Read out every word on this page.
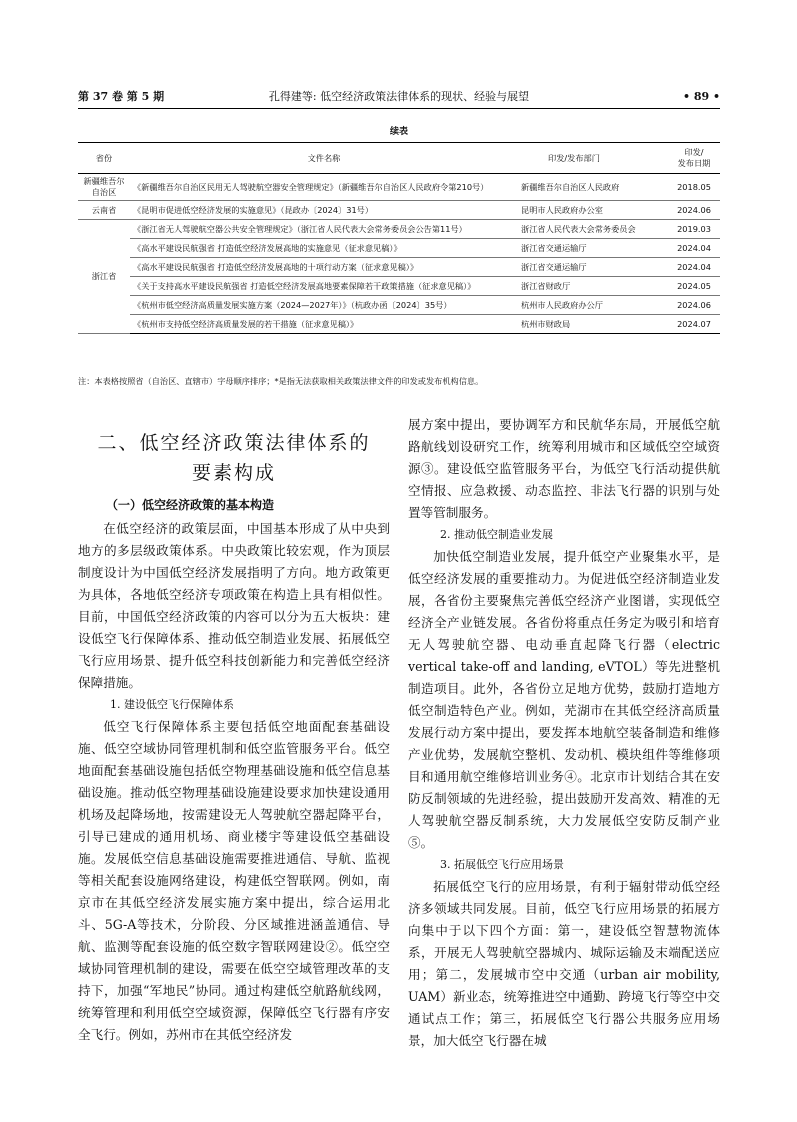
第 37 卷 第 5 期	孔得建等: 低空经济政策法律体系的现状、经验与展望	• 89 •
续表
省份	文件名称	印发/发布部门	印发/
发布日期
新疆维吾尔
自治区	《新疆维吾尔自治区民用无人驾驶航空器安全管理规定》（新疆维吾尔自治区人民政府令第210号）	新疆维吾尔自治区人民政府	2018.05
云南省	《昆明市促进低空经济发展的实施意见》（昆政办〔2024〕31号）	昆明市人民政府办公室	2024.06
浙江省	《浙江省无人驾驶航空器公共安全管理规定》（浙江省人民代表大会常务委员会公告第11号）	浙江省人民代表大会常务委员会	2019.03
	《高水平建设民航强省 打造低空经济发展高地的实施意见（征求意见稿）》	浙江省交通运输厅	2024.04
	《高水平建设民航强省 打造低空经济发展高地的十项行动方案（征求意见稿）》	浙江省交通运输厅	2024.04
	《关于支持高水平建设民航强省 打造低空经济发展高地要素保障若干政策措施（征求意见稿）》	浙江省财政厅	2024.05
	《杭州市低空经济高质量发展实施方案（2024—2027年）》（杭政办函〔2024〕35号）	杭州市人民政府办公厅	2024.06
	《杭州市支持低空经济高质量发展的若干措施（征求意见稿）》	杭州市财政局	2024.07
注：本表格按照省（自治区、直辖市）字母顺序排序；*是指无法获取相关政策法律文件的印发或发布机构信息。
二、低空经济政策法律体系的
要素构成
（一）低空经济政策的基本构造

在低空经济的政策层面，中国基本形成了从中央到地方的多层级政策体系。中央政策比较宏观，作为顶层制度设计为中国低空经济发展指明了方向。地方政策更为具体，各地低空经济专项政策在构造上具有相似性。目前，中国低空经济政策的内容可以分为五大板块：建设低空飞行保障体系、推动低空制造业发展、拓展低空飞行应用场景、提升低空科技创新能力和完善低空经济保障措施。

1. 建设低空飞行保障体系

低空飞行保障体系主要包括低空地面配套基础设施、低空空域协同管理机制和低空监管服务平台。低空地面配套基础设施包括低空物理基础设施和低空信息基础设施。推动低空物理基础设施建设要求加快建设通用机场及起降场地，按需建设无人驾驶航空器起降平台，引导已建成的通用机场、商业楼宇等建设低空基础设施。发展低空信息基础设施需要推进通信、导航、监视等相关配套设施网络建设，构建低空智联网。例如，南京市在其低空经济发展实施方案中提出，综合运用北斗、5G-A等技术，分阶段、分区域推进涵盖通信、导航、监测等配套设施的低空数字智联网建设②。低空空域协同管理机制的建设，需要在低空空域管理改革的支持下，加强“军地民”协同。通过构建低空航路航线网，统筹管理和利用低空空域资源，保障低空飞行器有序安全飞行。例如，苏州市在其低空经济发

展方案中提出，要协调军方和民航华东局，开展低空航路航线划设研究工作，统筹利用城市和区域低空空域资源③。建设低空监管服务平台，为低空飞行活动提供航空情报、应急救援、动态监控、非法飞行器的识别与处置等管制服务。

2. 推动低空制造业发展

加快低空制造业发展，提升低空产业聚集水平，是低空经济发展的重要推动力。为促进低空经济制造业发展，各省份主要聚焦完善低空经济产业图谱，实现低空经济全产业链发展。各省份将重点任务定为吸引和培育无人驾驶航空器、电动垂直起降飞行器（electric vertical take-off and landing, eVTOL）等先进整机制造项目。此外，各省份立足地方优势，鼓励打造地方低空制造特色产业。例如，芜湖市在其低空经济高质量发展行动方案中提出，要发挥本地航空装备制造和维修产业优势，发展航空整机、发动机、模块组件等维修项目和通用航空维修培训业务④。北京市计划结合其在安防反制领域的先进经验，提出鼓励开发高效、精准的无人驾驶航空器反制系统，大力发展低空安防反制产业⑤。

3. 拓展低空飞行应用场景

拓展低空飞行的应用场景，有利于辐射带动低空经济多领域共同发展。目前，低空飞行应用场景的拓展方向集中于以下四个方面：第一，建设低空智慧物流体系，开展无人驾驶航空器城内、城际运输及末端配送应用；第二，发展城市空中交通（urban air mobility, UAM）新业态，统筹推进空中通勤、跨境飞行等空中交通试点工作；第三，拓展低空飞行器公共服务应用场景，加大低空飞行器在城
